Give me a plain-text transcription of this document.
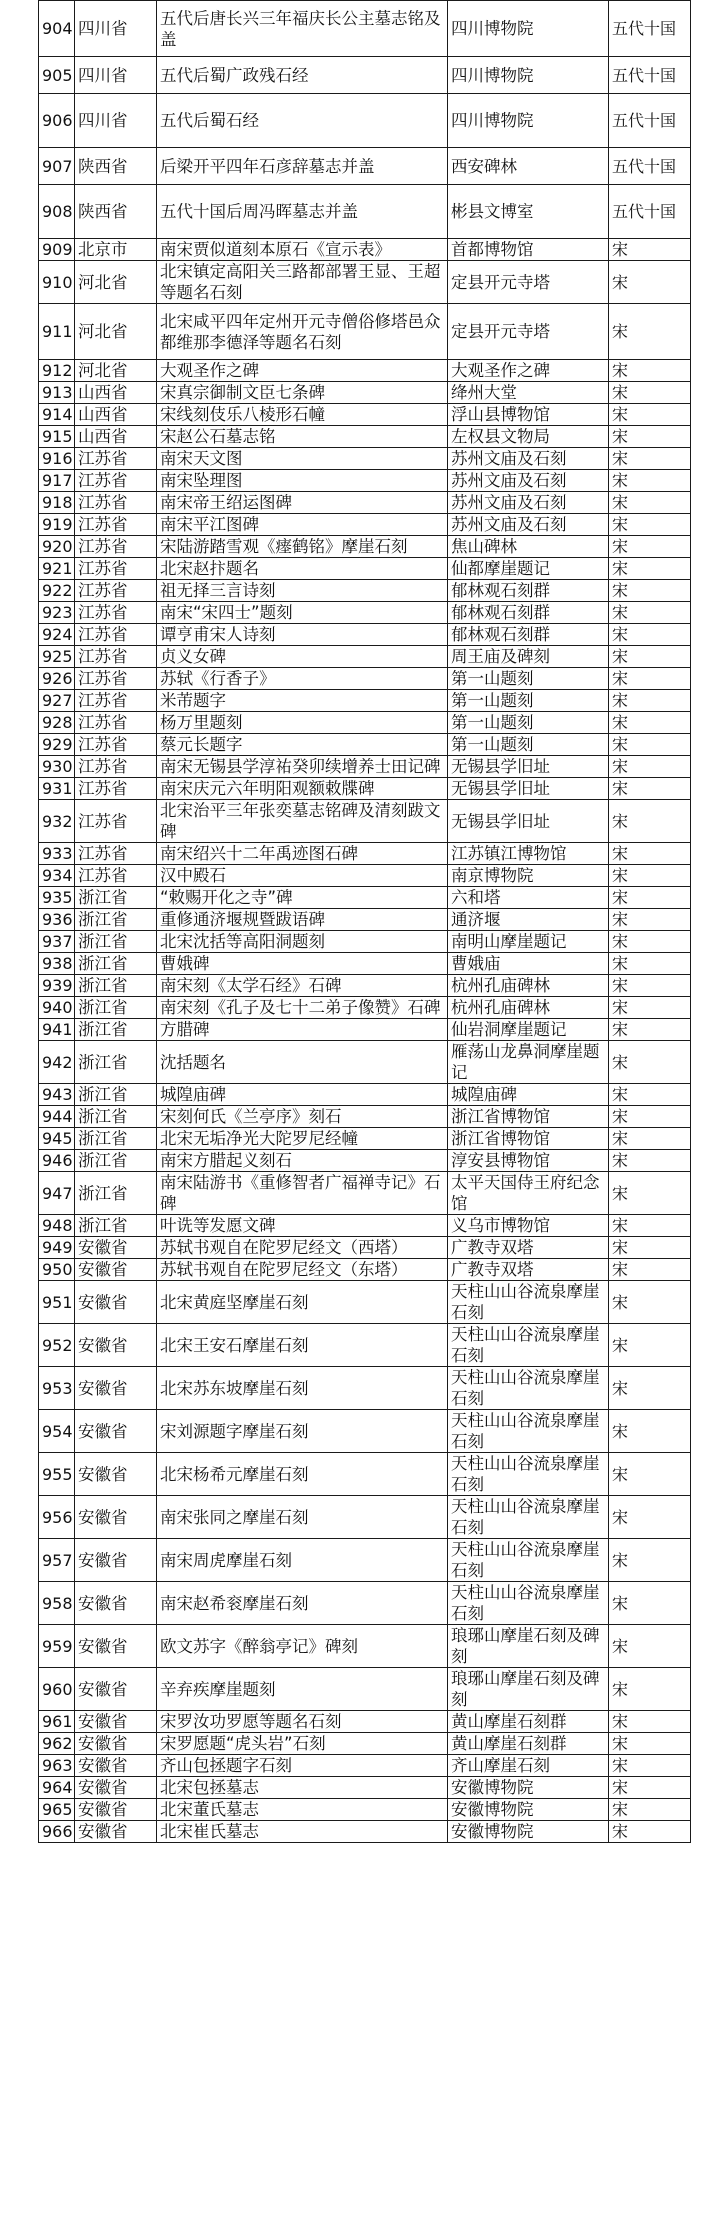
904	四川省	五代后唐长兴三年福庆长公主墓志铭及盖	四川博物院	五代十国
905	四川省	五代后蜀广政残石经	四川博物院	五代十国
906	四川省	五代后蜀石经	四川博物院	五代十国
907	陕西省	后梁开平四年石彦辞墓志并盖	西安碑林	五代十国
908	陕西省	五代十国后周冯晖墓志并盖	彬县文博室	五代十国
909	北京市	南宋贾似道刻本原石《宣示表》	首都博物馆	宋
910	河北省	北宋镇定高阳关三路都部署王显、王超等题名石刻	定县开元寺塔	宋
911	河北省	北宋咸平四年定州开元寺僧俗修塔邑众都维那李德泽等题名石刻	定县开元寺塔	宋
912	河北省	大观圣作之碑	大观圣作之碑	宋
913	山西省	宋真宗御制文臣七条碑	绛州大堂	宋
914	山西省	宋线刻伎乐八棱形石幢	浮山县博物馆	宋
915	山西省	宋赵公石墓志铭	左权县文物局	宋
916	江苏省	南宋天文图	苏州文庙及石刻	宋
917	江苏省	南宋坠理图	苏州文庙及石刻	宋
918	江苏省	南宋帝王绍运图碑	苏州文庙及石刻	宋
919	江苏省	南宋平江图碑	苏州文庙及石刻	宋
920	江苏省	宋陆游踏雪观《瘗鹤铭》摩崖石刻	焦山碑林	宋
921	江苏省	北宋赵抃题名	仙都摩崖题记	宋
922	江苏省	祖无择三言诗刻	郁林观石刻群	宋
923	江苏省	南宋“宋四士”题刻	郁林观石刻群	宋
924	江苏省	谭亨甫宋人诗刻	郁林观石刻群	宋
925	江苏省	贞义女碑	周王庙及碑刻	宋
926	江苏省	苏轼《行香子》	第一山题刻	宋
927	江苏省	米芾题字	第一山题刻	宋
928	江苏省	杨万里题刻	第一山题刻	宋
929	江苏省	蔡元长题字	第一山题刻	宋
930	江苏省	南宋无锡县学淳祐癸卯续增养士田记碑	无锡县学旧址	宋
931	江苏省	南宋庆元六年明阳观额敕牒碑	无锡县学旧址	宋
932	江苏省	北宋治平三年张奕墓志铭碑及清刻跋文碑	无锡县学旧址	宋
933	江苏省	南宋绍兴十二年禹迹图石碑	江苏镇江博物馆	宋
934	江苏省	汉中殿石	南京博物院	宋
935	浙江省	“敕赐开化之寺”碑	六和塔	宋
936	浙江省	重修通济堰规暨跋语碑	通济堰	宋
937	浙江省	北宋沈括等高阳洞题刻	南明山摩崖题记	宋
938	浙江省	曹娥碑	曹娥庙	宋
939	浙江省	南宋刻《太学石经》石碑	杭州孔庙碑林	宋
940	浙江省	南宋刻《孔子及七十二弟子像赞》石碑	杭州孔庙碑林	宋
941	浙江省	方腊碑	仙岩洞摩崖题记	宋
942	浙江省	沈括题名	雁荡山龙鼻洞摩崖题记	宋
943	浙江省	城隍庙碑	城隍庙碑	宋
944	浙江省	宋刻何氏《兰亭序》刻石	浙江省博物馆	宋
945	浙江省	北宋无垢净光大陀罗尼经幢	浙江省博物馆	宋
946	浙江省	南宋方腊起义刻石	淳安县博物馆	宋
947	浙江省	南宋陆游书《重修智者广福禅寺记》石碑	太平天国侍王府纪念馆	宋
948	浙江省	叶诜等发愿文碑	义乌市博物馆	宋
949	安徽省	苏轼书观自在陀罗尼经文（西塔）	广教寺双塔	宋
950	安徽省	苏轼书观自在陀罗尼经文（东塔）	广教寺双塔	宋
951	安徽省	北宋黄庭坚摩崖石刻	天柱山山谷流泉摩崖石刻	宋
952	安徽省	北宋王安石摩崖石刻	天柱山山谷流泉摩崖石刻	宋
953	安徽省	北宋苏东坡摩崖石刻	天柱山山谷流泉摩崖石刻	宋
954	安徽省	宋刘源题字摩崖石刻	天柱山山谷流泉摩崖石刻	宋
955	安徽省	北宋杨希元摩崖石刻	天柱山山谷流泉摩崖石刻	宋
956	安徽省	南宋张同之摩崖石刻	天柱山山谷流泉摩崖石刻	宋
957	安徽省	南宋周虎摩崖石刻	天柱山山谷流泉摩崖石刻	宋
958	安徽省	南宋赵希衮摩崖石刻	天柱山山谷流泉摩崖石刻	宋
959	安徽省	欧文苏字《醉翁亭记》碑刻	琅琊山摩崖石刻及碑刻	宋
960	安徽省	辛弃疾摩崖题刻	琅琊山摩崖石刻及碑刻	宋
961	安徽省	宋罗汝功罗愿等题名石刻	黄山摩崖石刻群	宋
962	安徽省	宋罗愿题“虎头岩”石刻	黄山摩崖石刻群	宋
963	安徽省	齐山包拯题字石刻	齐山摩崖石刻	宋
964	安徽省	北宋包拯墓志	安徽博物院	宋
965	安徽省	北宋董氏墓志	安徽博物院	宋
966	安徽省	北宋崔氏墓志	安徽博物院	宋
